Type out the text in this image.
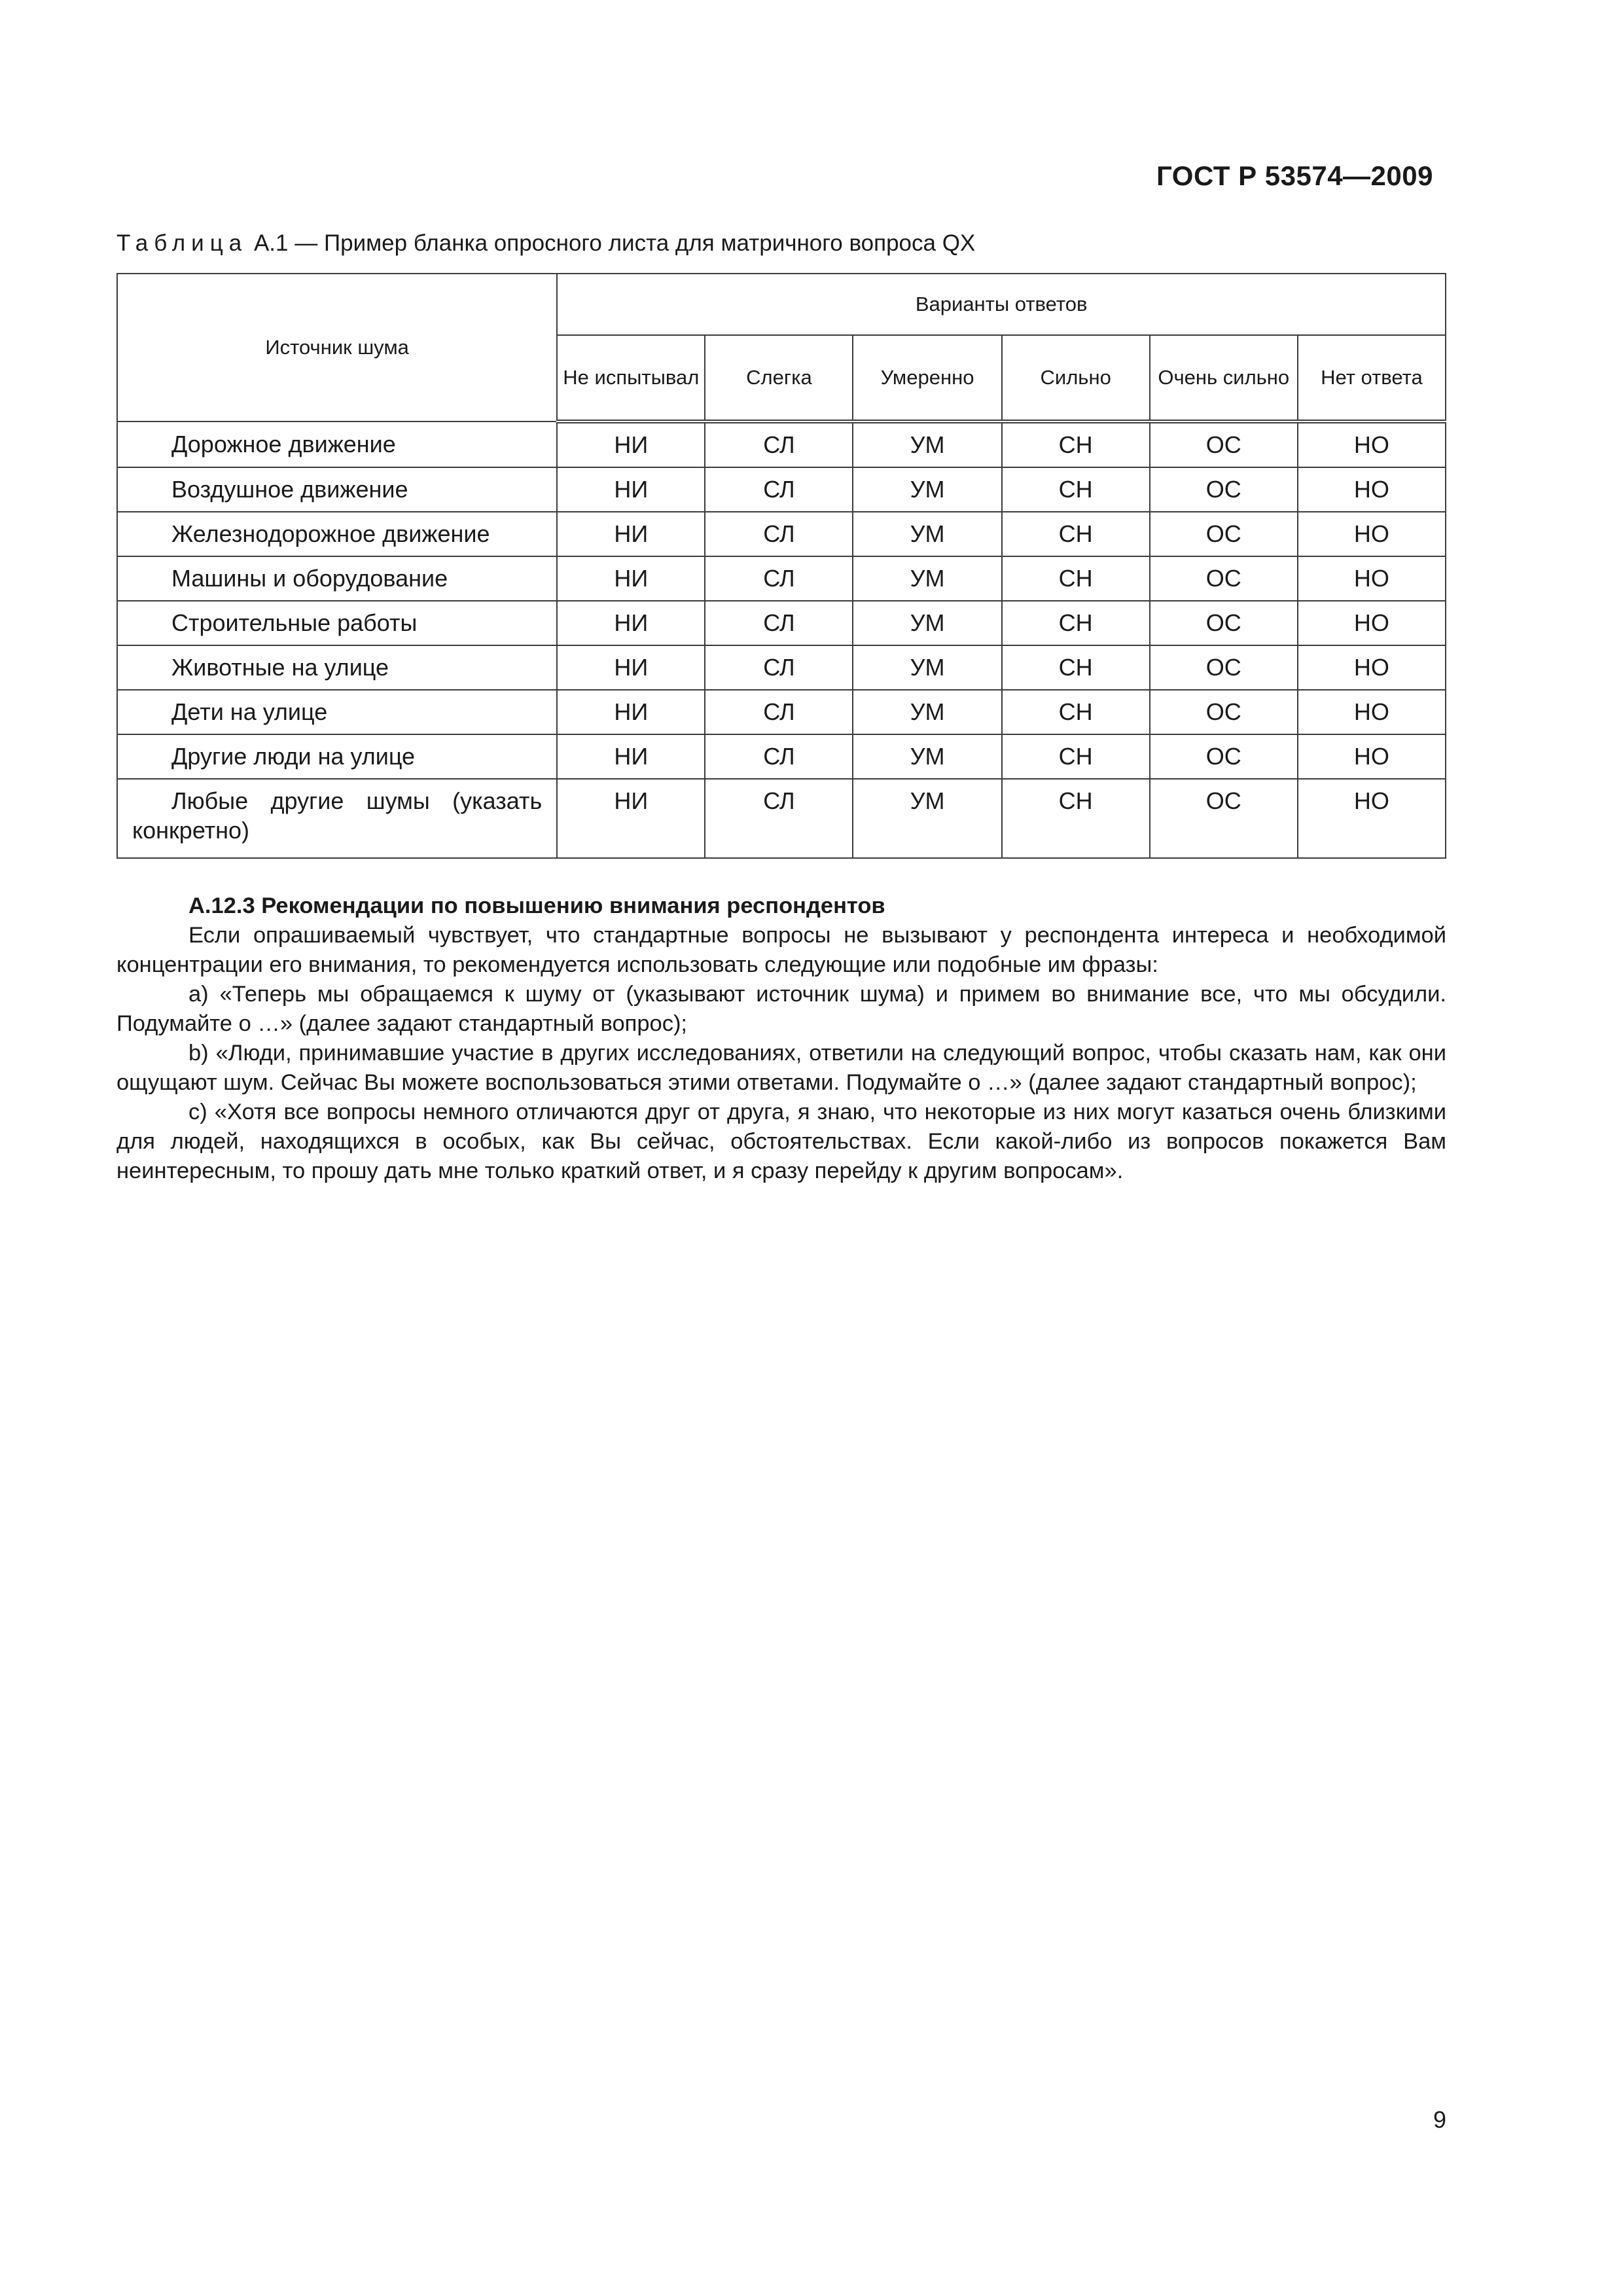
ГОСТ Р 53574—2009
Таблица А.1 — Пример бланка опросного листа для матричного вопроса QX
Источник шума	Варианты ответов					
	Не испытывал	Слегка	Умеренно	Сильно	Очень сильно	Нет ответа
Дорожное движение	НИ	СЛ	УМ	СН	ОС	НО
Воздушное движение	НИ	СЛ	УМ	СН	ОС	НО
Железнодорожное движение	НИ	СЛ	УМ	СН	ОС	НО
Машины и оборудование	НИ	СЛ	УМ	СН	ОС	НО
Строительные работы	НИ	СЛ	УМ	СН	ОС	НО
Животные на улице	НИ	СЛ	УМ	СН	ОС	НО
Дети на улице	НИ	СЛ	УМ	СН	ОС	НО
Другие люди на улице	НИ	СЛ	УМ	СН	ОС	НО
Любые другие шумы (указать конкретно)	НИ	СЛ	УМ	СН	ОС	НО

А.12.3 Рекомендации по повышению внимания респондентов

Если опрашиваемый чувствует, что стандартные вопросы не вызывают у респондента интереса и необходимой концентрации его внимания, то рекомендуется использовать следующие или подобные им фразы:

a) «Теперь мы обращаемся к шуму от (указывают источник шума) и примем во внимание все, что мы обсудили. Подумайте о …» (далее задают стандартный вопрос);

b) «Люди, принимавшие участие в других исследованиях, ответили на следующий вопрос, чтобы сказать нам, как они ощущают шум. Сейчас Вы можете воспользоваться этими ответами. Подумайте о …» (далее задают стандартный вопрос);

c) «Хотя все вопросы немного отличаются друг от друга, я знаю, что некоторые из них могут казаться очень близкими для людей, находящихся в особых, как Вы сейчас, обстоятельствах. Если какой-либо из вопросов покажется Вам неинтересным, то прошу дать мне только краткий ответ, и я сразу перейду к другим вопросам».

9
